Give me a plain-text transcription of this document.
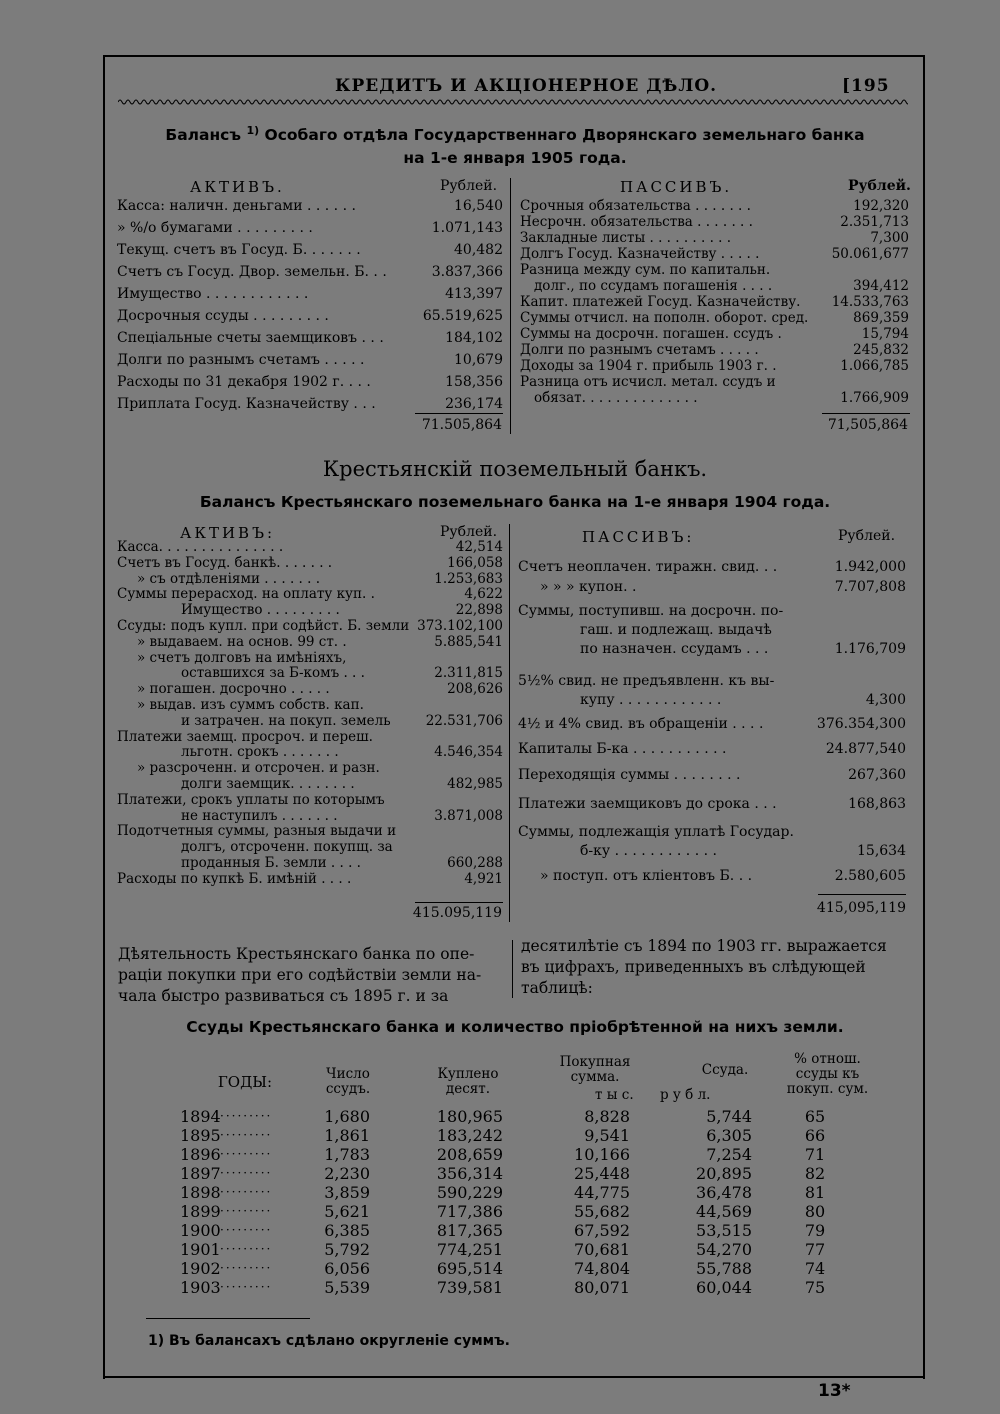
КРЕДИТЪ И АКЦIОНЕРНОЕ ДѢЛО.	[195
Балансъ $^{1)}$ Особаго отдѣла Государственнаго Дворянскаго земельнаго банка
на 1-е января 1905 года.
АКТИВЪ.	Рублей.	ПАССИВЪ.	Рублей.
Касса: наличн. деньгами . . . . . .	16,540
» %/о бумагами . . . . . . . . .	1.071,143
Текущ. счетъ въ Госуд. Б. . . . . . .	40,482
Счетъ съ Госуд. Двор. земельн. Б. . .	3.837,366
Имущество . . . . . . . . . . . .	413,397
Досрочныя ссуды . . . . . . . . .	65.519,625
Спецiальные счеты заемщиковъ . . .	184,102
Долги по разнымъ счетамъ . . . . .	10,679
Расходы по 31 декабря 1902 г. . . .	158,356
Приплата Госуд. Казначейству . . .	236,174
Срочныя обязательства . . . . . . .	192,320
Несрочн. обязательства . . . . . . .	2.351,713
Закладные листы . . . . . . . . . .	7,300
Долгъ Госуд. Казначейству . . . . .	50.061,677
Разница между сум. по капитальн.
долг., по ссудамъ погашенiя . . . .	394,412
Капит. платежей Госуд. Казначейству.	14.533,763
Суммы отчисл. на пополн. оборот. сред.	869,359
Суммы на досрочн. погашен. ссудъ .	15,794
Долги по разнымъ счетамъ . . . . .	245,832
Доходы за 1904 г. прибыль 1903 г. .	1.066,785
Разница отъ исчисл. метал. ссудъ и
обязат. . . . . . . . . . . . . .	1.766,909
71.505,864	71,505,864
Крестьянскiй поземельный банкъ.
Балансъ Крестьянскаго поземельнаго банка на 1-е января 1904 года.
АКТИВЪ:	Рублей.	ПАССИВЪ:	Рублей.
Касса. . . . . . . . . . . . . . .	42,514
Счетъ въ Госуд. банкѣ. . . . . . .	166,058
» съ отдѣленiями . . . . . . .	1.253,683
Суммы перерасход. на оплату куп. .	4,622
Имущество . . . . . . . . .	22,898
Ссуды: подъ купл. при содѣйст. Б. земли 373.102,100
» выдаваем. на основ. 99 ст. .	5.885,541
» счетъ долговъ на имѣнiяхъ,
оставшихся за Б-комъ . . .	2.311,815
» погашен. досрочно . . . . .	208,626
» выдав. изъ суммъ собств. кап.
и затрачен. на покуп. земель	22.531,706
Платежи заемщ. просроч. и переш.
льготн. срокъ . . . . . . .	4.546,354
» разсроченн. и отсрочен. и разн.
долги заемщик. . . . . . . .	482,985
Платежи, срокъ уплаты по которымъ
не наступилъ . . . . . . .	3.871,008
Подотчетныя суммы, разныя выдачи и
долгъ, отсроченн. покупщ. за
проданныя Б. земли . . . .	660,288
Расходы по купкѣ Б. имѣнiй . . . .	4,921
Счетъ неоплачен. тиражн. свид. . .	1.942,000
» » » купон. .	7.707,808
Суммы, поступивш. на досрочн. по-
гаш. и подлежащ. выдачѣ
по назначен. ссудамъ . . .	1.176,709
5½% свид. не предъявленн. къ вы-
купу . . . . . . . . . . . .	4,300
4½ и 4% свид. въ обращенiи . . . .	376.354,300
Капиталы Б-ка . . . . . . . . . . .	24.877,540
Переходящiя суммы . . . . . . . .	267,360
Платежи заемщиковъ до срока . . .	168,863
Суммы, подлежащiя уплатѣ Государ.
б-ку . . . . . . . . . . . .	15,634
» поступ. отъ клiентовъ Б. . .	2.580,605
415.095,119	415,095,119
Дѣятельность Крестьянскаго банка по опе-
рацiи покупки при его содѣйствiи земли на-
чала быстро развиваться съ 1895 г. и за
десятилѣтiе съ 1894 по 1903 гг. выражается
въ цифрахъ, приведенныхъ въ слѣдующей
таблицѣ:
Ссуды Крестьянскаго банка и количество прiобрѣтенной на нихъ земли.
ГОДЫ:	Число
ссудъ.
Куплено
десят.
Покупная
сумма.	Ссуда.
% отнош.
ссуды къ
покуп. сум.
т ы с. р у б л.
1894 ·········	1,680	180,965	8,828	5,744	65
1895 ·········	1,861	183,242	9,541	6,305	66
1896 ·········	1,783	208,659	10,166	7,254	71
1897 ·········	2,230	356,314	25,448	20,895	82
1898 ·········	3,859	590,229	44,775	36,478	81
1899 ·········	5,621	717,386	55,682	44,569	80
1900 ·········	6,385	817,365	67,592	53,515	79
1901 ·········	5,792	774,251	70,681	54,270	77
1902 ·········	6,056	695,514	74,804	55,788	74
1903 ·········	5,539	739,581	80,071	60,044	75
1) Въ балансахъ сдѣлано округленiе суммъ.
13*
